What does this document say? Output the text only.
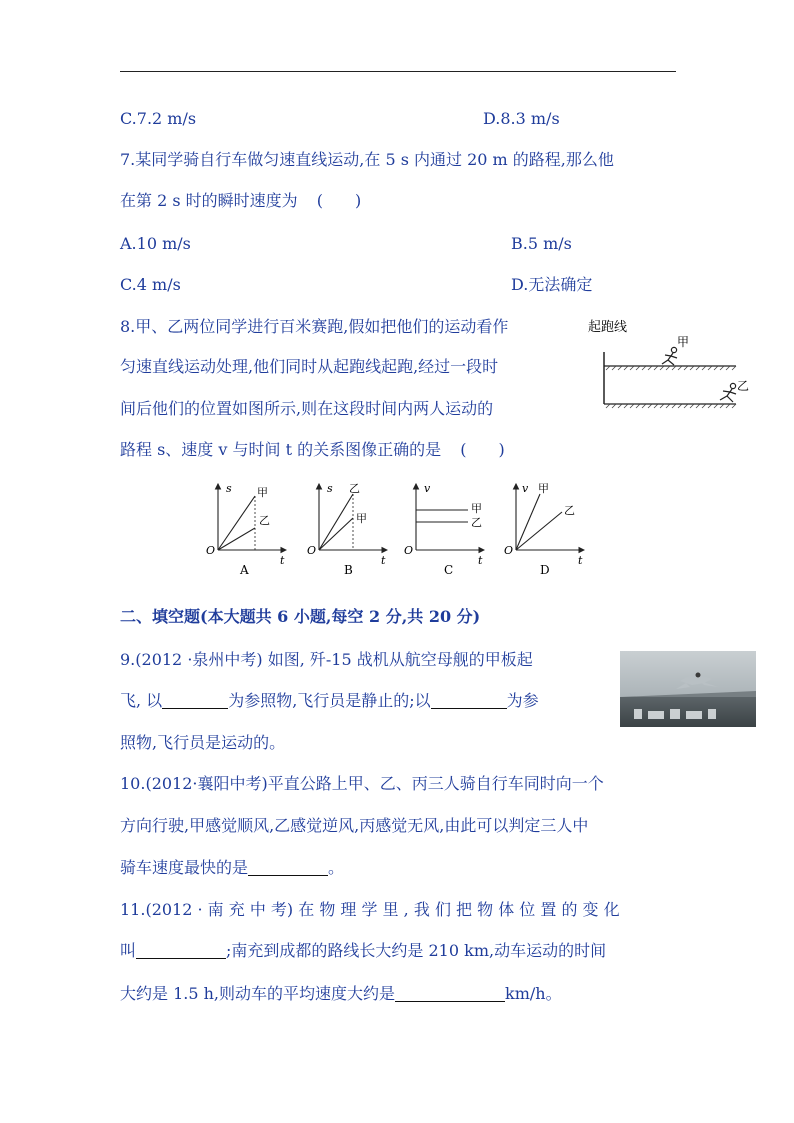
C.7.2 m/s	D.8.3 m/s
7.某同学骑自行车做匀速直线运动,在 5 s 内通过 20 m 的路程,那么他
在第 2 s 时的瞬时速度为 (　　)
A.10 m/s	B.5 m/s
C.4 m/s	D.无法确定
8.甲、乙两位同学进行百米赛跑,假如把他们的运动看作
匀速直线运动处理,他们同时从起跑线起跑,经过一段时
间后他们的位置如图所示,则在这段时间内两人运动的
路程 s、速度 v 与时间 t 的关系图像正确的是 (　　)
起跑线
甲
乙
s
t
O
甲
乙
A
s
t
O
乙
甲
B
v
t
O
甲
乙
C
v
t
O
甲
乙
D
二、填空题(本大题共 6 小题,每空 2 分,共 20 分)
9.(2012 ·泉州中考) 如图, 歼-15 战机从航空母舰的甲板起
飞, 以	为参照物,飞行员是静止的;以	为参
照物,飞行员是运动的。
10.(2012·襄阳中考)平直公路上甲、乙、丙三人骑自行车同时向一个
方向行驶,甲感觉顺风,乙感觉逆风,丙感觉无风,由此可以判定三人中
骑车速度最快的是	。
11.(2012 · 南 充 中 考) 在 物 理 学 里 , 我 们 把 物 体 位 置 的 变 化
叫	;南充到成都的路线长大约是 210 km,动车运动的时间
大约是 1.5 h,则动车的平均速度大约是	km/h。
